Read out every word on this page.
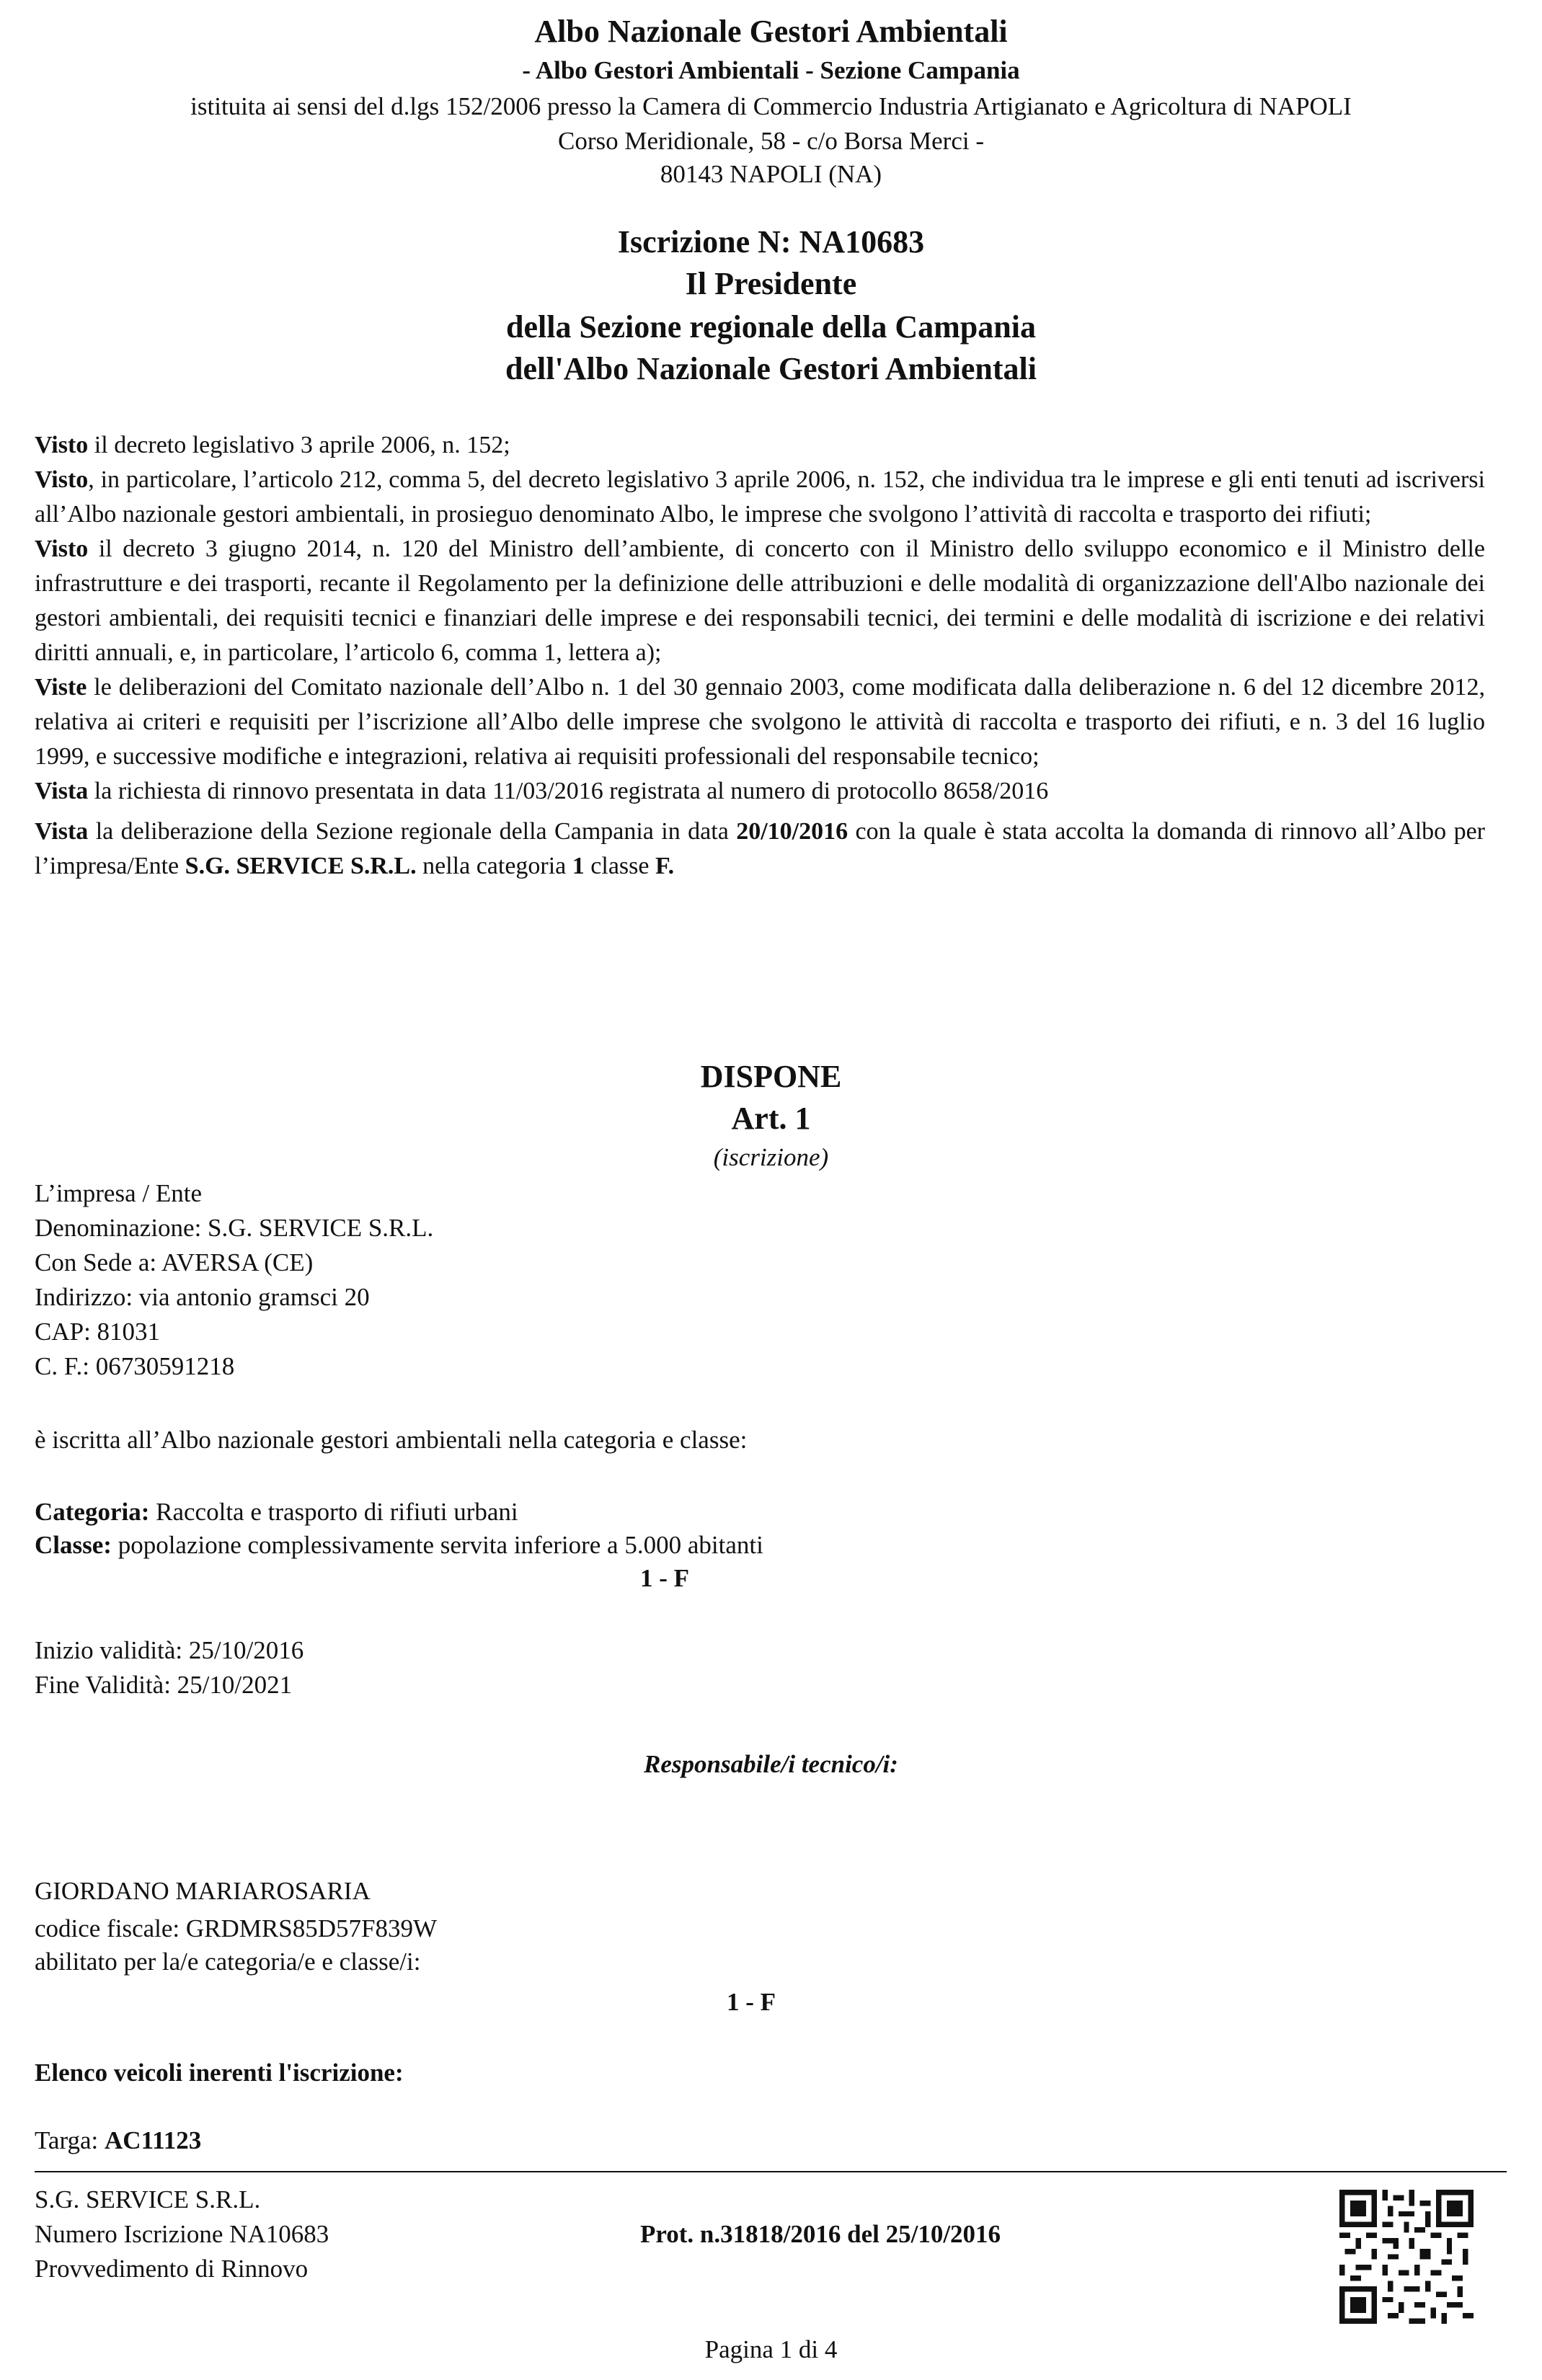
Albo Nazionale Gestori Ambientali
- Albo Gestori Ambientali - Sezione Campania
istituita ai sensi del d.lgs 152/2006 presso la Camera di Commercio Industria Artigianato e Agricoltura di NAPOLI
Corso Meridionale, 58 - c/o Borsa Merci -
80143 NAPOLI (NA)
Iscrizione N: NA10683
Il Presidente
della Sezione regionale della Campania
dell'Albo Nazionale Gestori Ambientali

Visto il decreto legislativo 3 aprile 2006, n. 152;

Visto, in particolare, l’articolo 212, comma 5, del decreto legislativo 3 aprile 2006, n. 152, che individua tra le imprese e gli enti tenuti ad iscriversi all’Albo nazionale gestori ambientali, in prosieguo denominato Albo, le imprese che svolgono l’attività di raccolta e trasporto dei rifiuti;

Visto il decreto 3 giugno 2014, n. 120 del Ministro dell’ambiente, di concerto con il Ministro dello sviluppo economico e il Ministro delle infrastrutture e dei trasporti, recante il Regolamento per la definizione delle attribuzioni e delle modalità di organizzazione dell'Albo nazionale dei gestori ambientali, dei requisiti tecnici e finanziari delle imprese e dei responsabili tecnici, dei termini e delle modalità di iscrizione e dei relativi diritti annuali, e, in particolare, l’articolo 6, comma 1, lettera a);

Viste le deliberazioni del Comitato nazionale dell’Albo n. 1 del 30 gennaio 2003, come modificata dalla deliberazione n. 6 del 12 dicembre 2012, relativa ai criteri e requisiti per l’iscrizione all’Albo delle imprese che svolgono le attività di raccolta e trasporto dei rifiuti, e n. 3 del 16 luglio 1999, e successive modifiche e integrazioni, relativa ai requisiti professionali del responsabile tecnico;

Vista la richiesta di rinnovo presentata in data 11/03/2016 registrata al numero di protocollo 8658/2016

Vista la deliberazione della Sezione regionale della Campania in data 20/10/2016 con la quale è stata accolta la domanda di rinnovo all’Albo per l’impresa/Ente S.G. SERVICE S.R.L. nella categoria 1 classe F.

DISPONE
Art. 1
(iscrizione)
L’impresa / Ente
Denominazione: S.G. SERVICE S.R.L.
Con Sede a: AVERSA (CE)
Indirizzo: via antonio gramsci 20
CAP: 81031
C. F.: 06730591218
è iscritta all’Albo nazionale gestori ambientali nella categoria e classe:
Categoria: Raccolta e trasporto di rifiuti urbani
Classe: popolazione complessivamente servita inferiore a 5.000 abitanti
1 - F
Inizio validità: 25/10/2016
Fine Validità: 25/10/2021
Responsabile/i tecnico/i:
GIORDANO MARIAROSARIA
codice fiscale: GRDMRS85D57F839W
abilitato per la/e categoria/e e classe/i:
1 - F
Elenco veicoli inerenti l'iscrizione:
Targa: AC11123
S.G. SERVICE S.R.L.
Numero Iscrizione NA10683
Provvedimento di Rinnovo
Prot. n.31818/2016 del 25/10/2016
Pagina 1 di 4
